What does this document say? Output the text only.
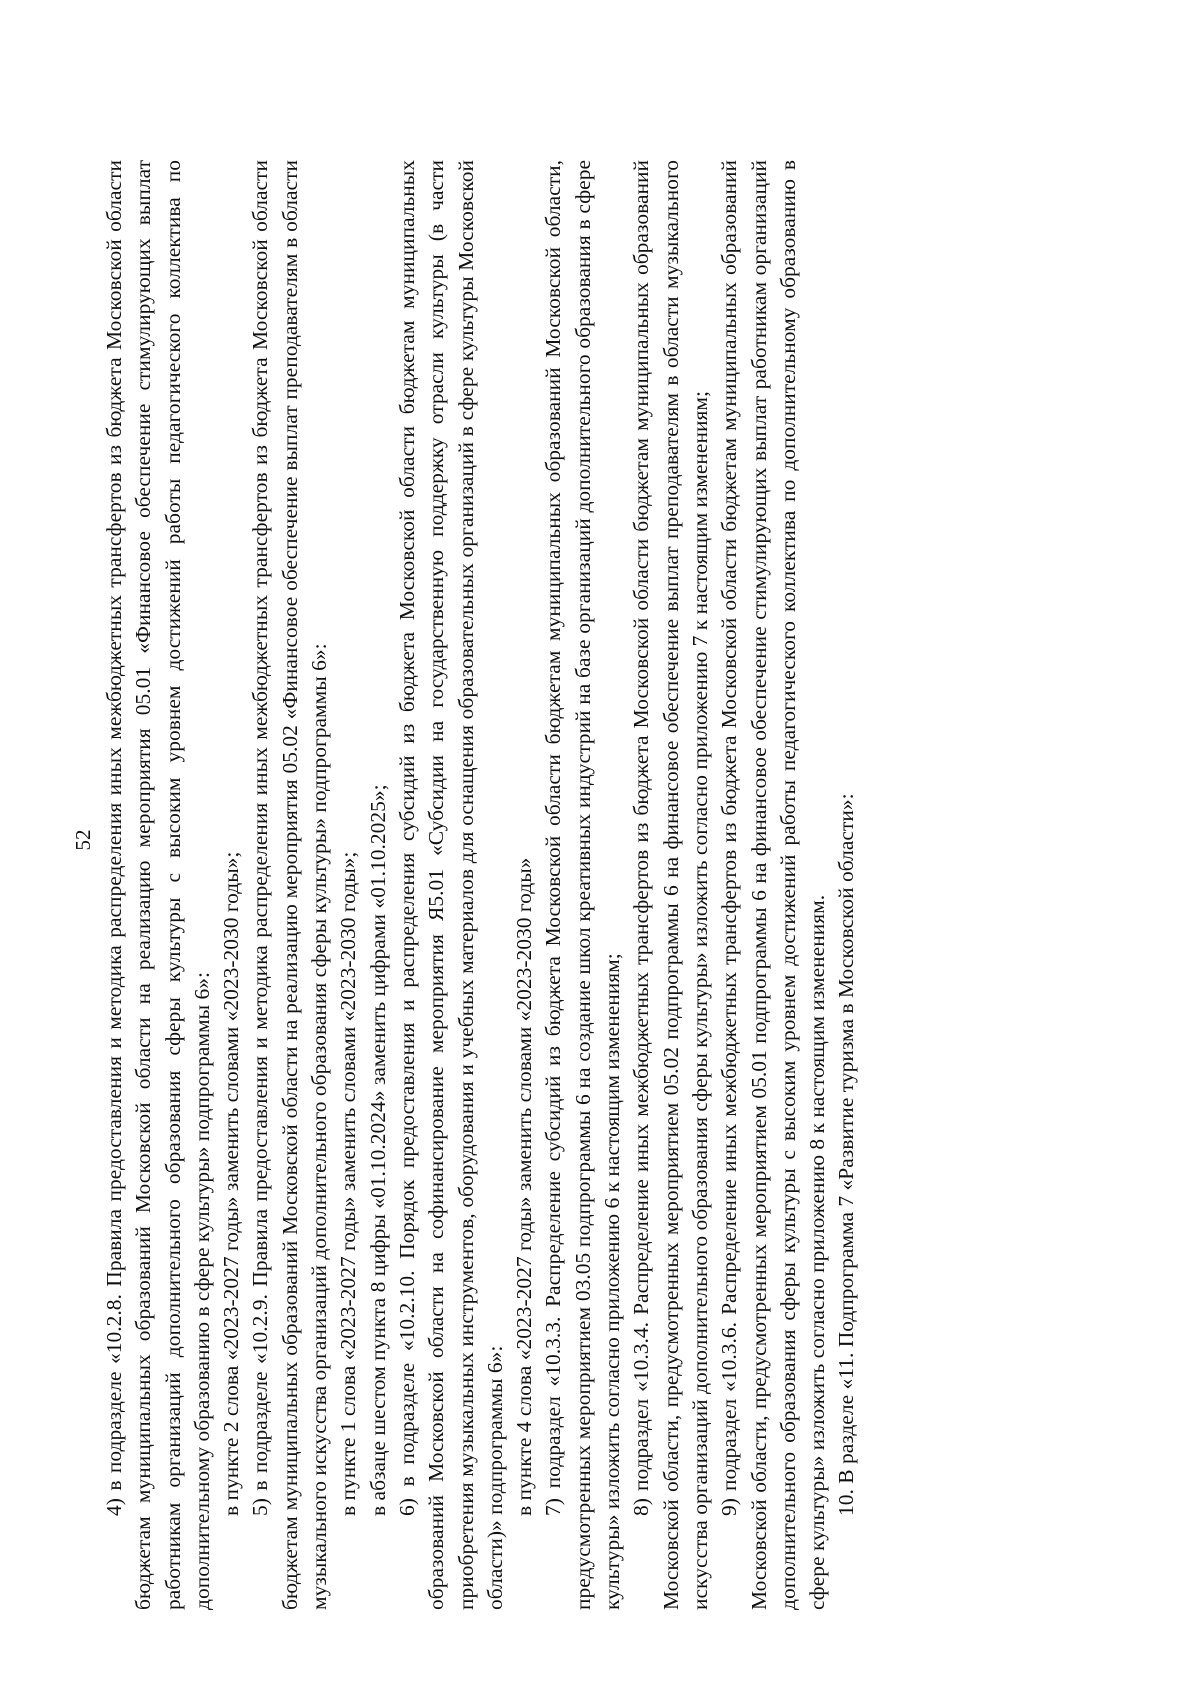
52 4) в подразделе «10.2.8. Правила предоставления и методика распределения иных межбюджетных трансфертов из бюджета Московской области бюджетам муниципальных образований Московской области на реализацию мероприятия 05.01 «Финансовое обеспечение стимулирующих выплат работникам организаций дополнительного образования сферы культуры с высоким уровнем достижений работы педагогического коллектива по дополнительному образованию в сфере культуры» подпрограммы 6»: в пункте 2 слова «2023-2027 годы» заменить словами «2023-2030 годы»; 5) в подразделе «10.2.9. Правила предоставления и методика распределения иных межбюджетных трансфертов из бюджета Московской области бюджетам муниципальных образований Московской области на реализацию мероприятия 05.02 «Финансовое обеспечение выплат преподавателям в области музыкального искусства организаций дополнительного образования сферы культуры» подпрограммы 6»: в пункте 1 слова «2023-2027 годы» заменить словами «2023-2030 годы»; в абзаце шестом пункта 8 цифры «01.10.2024» заменить цифрами «01.10.2025»; 6) в подразделе «10.2.10. Порядок предоставления и распределения субсидий из бюджета Московской области бюджетам муниципальных образований Московской области на софинансирование мероприятия Я5.01 «Субсидии на государственную поддержку отрасли культуры (в части приобретения музыкальных инструментов, оборудования и учебных материалов для оснащения образовательных организаций в сфере культуры Московской области)» подпрограммы 6»: в пункте 4 слова «2023-2027 годы» заменить словами «2023-2030 годы» 7) подраздел «10.3.3. Распределение субсидий из бюджета Московской области бюджетам муниципальных образований Московской области, предусмотренных мероприятием 03.05 подпрограммы 6 на создание школ креативных индустрий на базе организаций дополнительного образования в сфере культуры» изложить согласно приложению 6 к настоящим изменениям; 8) подраздел «10.3.4. Распределение иных межбюджетных трансфертов из бюджета Московской области бюджетам муниципальных образований Московской области, предусмотренных мероприятием 05.02 подпрограммы 6 на финансовое обеспечение выплат преподавателям в области музыкального искусства организаций дополнительного образования сферы культуры» изложить согласно приложению 7 к настоящим изменениям; 9) подраздел «10.3.6. Распределение иных межбюджетных трансфертов из бюджета Московской области бюджетам муниципальных образований Московской области, предусмотренных мероприятием 05.01 подпрограммы 6 на финансовое обеспечение стимулирующих выплат работникам организаций дополнительного образования сферы культуры с высоким уровнем достижений работы педагогического коллектива по дополнительному образованию в сфере культуры» изложить согласно приложению 8 к настоящим изменениям. 10. В разделе «11. Подпрограмма 7 «Развитие туризма в Московской области»:
